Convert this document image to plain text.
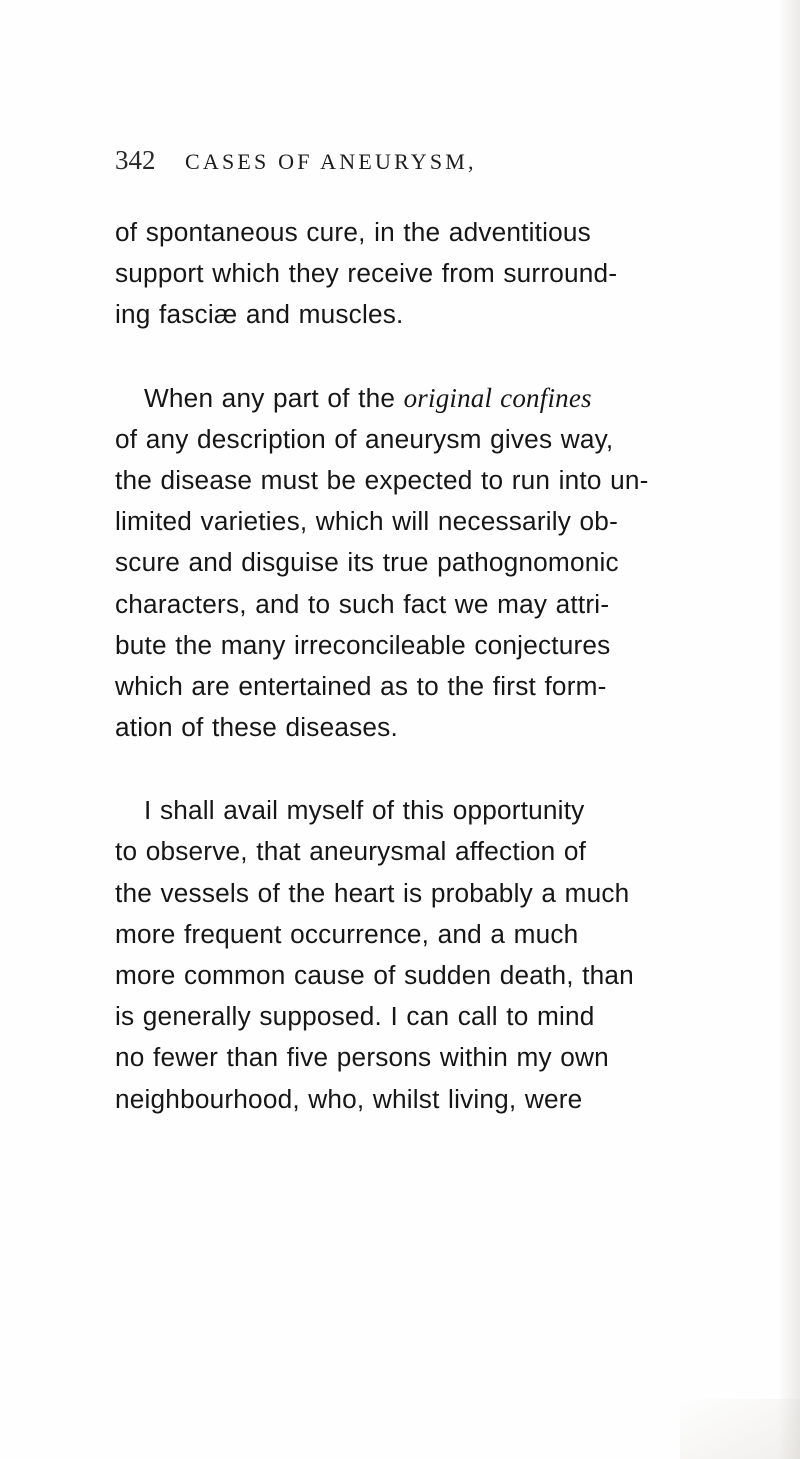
342 CASES OF ANEURYSM,
of spontaneous cure, in the adventitious
support which they receive from surround-
ing fasciæ and muscles.
When any part of the original confines
of any description of aneurysm gives way,
the disease must be expected to run into un-
limited varieties, which will necessarily ob-
scure and disguise its true pathognomonic
characters, and to such fact we may attri-
bute the many irreconcileable conjectures
which are entertained as to the first form-
ation of these diseases.
I shall avail myself of this opportunity
to observe, that aneurysmal affection of
the vessels of the heart is probably a much
more frequent occurrence, and a much
more common cause of sudden death, than
is generally supposed. I can call to mind
no fewer than five persons within my own
neighbourhood, who, whilst living, were
